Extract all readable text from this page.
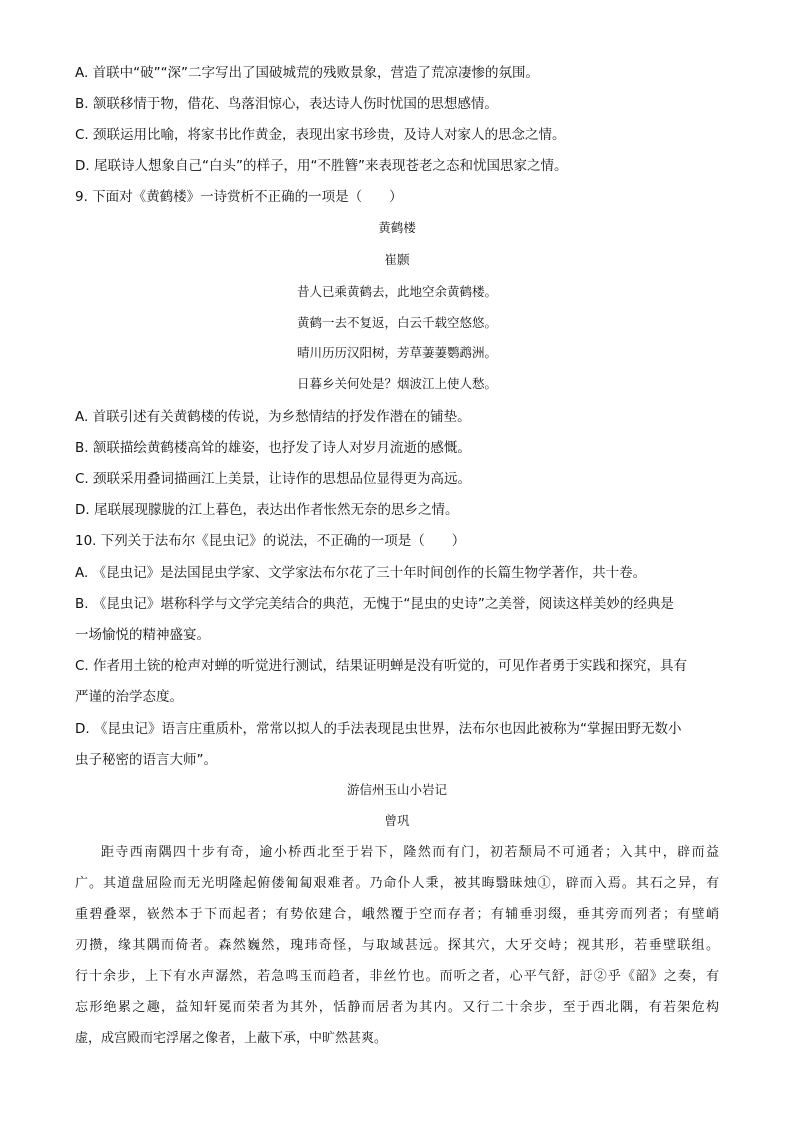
A. 首联中“破”“深”二字写出了国破城荒的残败景象，营造了荒凉凄惨的氛围。
B. 颔联移情于物，借花、鸟落泪惊心，表达诗人伤时忧国的思想感情。
C. 颈联运用比喻，将家书比作黄金，表现出家书珍贵，及诗人对家人的思念之情。
D. 尾联诗人想象自己“白头”的样子，用“不胜簪”来表现苍老之态和忧国思家之情。
9. 下面对《黄鹤楼》一诗赏析不正确的一项是（　　）
黄鹤楼
崔颢
昔人已乘黄鹤去，此地空余黄鹤楼。
黄鹤一去不复返，白云千载空悠悠。
晴川历历汉阳树，芳草萋萋鹦鹉洲。
日暮乡关何处是？烟波江上使人愁。
A. 首联引述有关黄鹤楼的传说，为乡愁情结的抒发作潜在的铺垫。
B. 颔联描绘黄鹤楼高耸的雄姿，也抒发了诗人对岁月流逝的感慨。
C. 颈联采用叠词描画江上美景，让诗作的思想品位显得更为高远。
D. 尾联展现朦胧的江上暮色，表达出作者怅然无奈的思乡之情。
10. 下列关于法布尔《昆虫记》的说法，不正确的一项是（　　）
A. 《昆虫记》是法国昆虫学家、文学家法布尔花了三十年时间创作的长篇生物学著作，共十卷。
B. 《昆虫记》堪称科学与文学完美结合的典范，无愧于“昆虫的史诗”之美誉，阅读这样美妙的经典是
一场愉悦的精神盛宴。
C. 作者用土铳的枪声对蝉的听觉进行测试，结果证明蝉是没有听觉的，可见作者勇于实践和探究，具有
严谨的治学态度。
D. 《昆虫记》语言庄重质朴，常常以拟人的手法表现昆虫世界，法布尔也因此被称为“掌握田野无数小
虫子秘密的语言大师”。
游信州玉山小岩记
曾巩
距寺西南隅四十步有奇，逾小桥西北至于岩下，隆然而有门，初若颓局不可通者；入其中，辟而益
广。其道盘屈险而无光明隆起俯偻匍匐艰难者。乃命仆人秉，被其晦翳昧烛①，辟而入焉。其石之异，有
重碧叠翠，嵚然本于下而起者；有势依建合，峨然覆于空而存者；有辅垂羽缀，垂其旁而列者；有壁峭
刃攒，缘其隅而倚者。森然巍然，瑰玮奇怪，与取域甚远。探其穴，大牙交峙；视其形，若垂壁联组。
行十余步，上下有水声潺然，若急鸣玉而趋者，非丝竹也。而听之者，心平气舒，訏②乎《韶》之奏，有
忘形绝累之趣，益知轩冕而荣者为其外，恬静而居者为其内。又行二十余步，至于西北隅，有若架危构
虚，成宫殿而宅浮屠之像者，上蔽下承，中旷然甚爽。
